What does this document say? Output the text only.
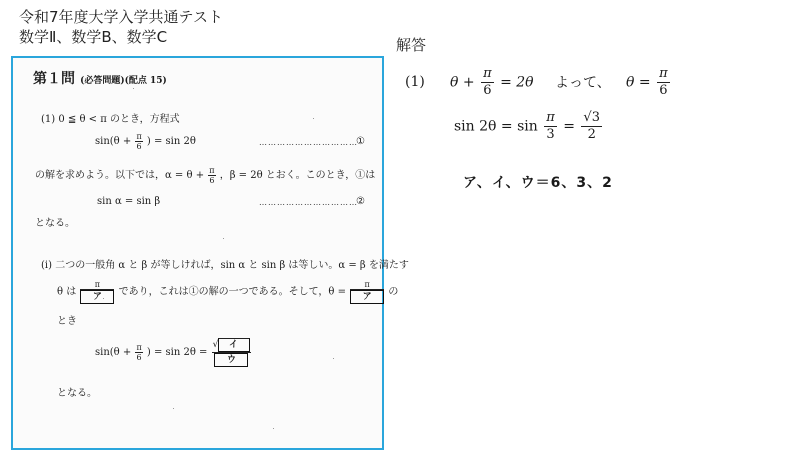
令和7年度大学入学共通テスト
数学Ⅱ、数学B、数学C	解答
第１問 (必答問題)(配点 15)
(1) 0 ≦ θ < π のとき，方程式
$\sin(\theta + \frac{\pi}{6}$ ) = sin 2θ	……………………………
①
の解を求めよう。以下では，$\alpha = \theta + \frac{\pi}{6}$ ，β = 2θ とおく。このとき，①は
sin α = sin β	……………………………
②
となる。
(i) 二つの一般角 α と β が等しければ，sin α と sin β は等しい。α = β を満たす
θ は $\frac{\pi}{\text{ア}}$ であり，これは①の解の一つである。そして，$\theta = \frac{\pi}{\text{ア}}$ の
とき
$\sin(\theta + \frac{\pi}{6}$ ) = $\sin 2\theta = \frac{\text{√ イ}}{\text{ウ}}$
となる。
(1) $\theta + \frac{\pi}{6} = 2\theta$ よって、 $\theta = \frac{\pi}{6}$
$\sin 2\theta = \sin \frac{\pi}{3} = \frac{√3}{2}$
ア、イ、ウ＝6、3、2
